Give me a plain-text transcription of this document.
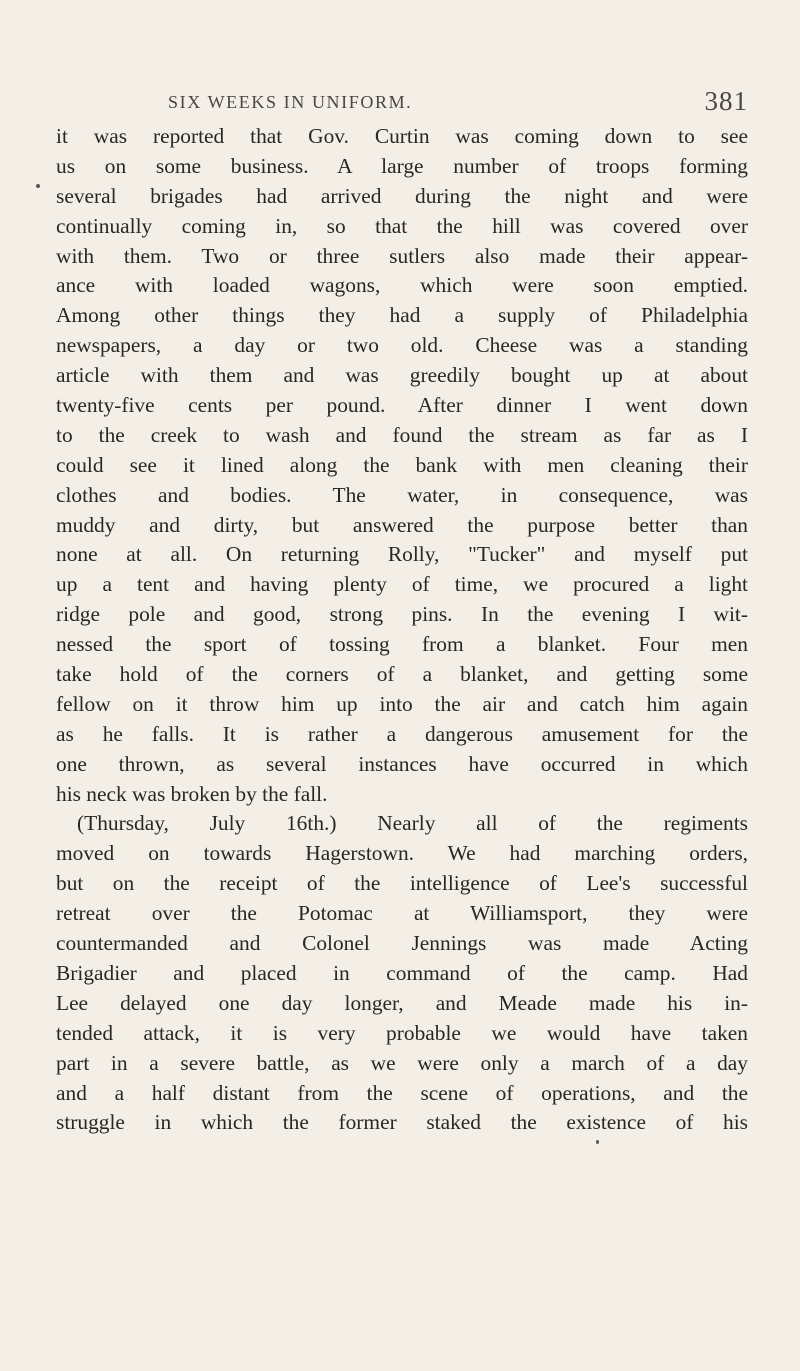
SIX WEEKS IN UNIFORM.	381
it was reported that Gov. Curtin was coming down to see
us on some business. A large number of troops forming
several brigades had arrived during the night and were
continually coming in, so that the hill was covered over
with them. Two or three sutlers also made their appear-
ance with loaded wagons, which were soon emptied.
Among other things they had a supply of Philadelphia
newspapers, a day or two old. Cheese was a standing
article with them and was greedily bought up at about
twenty-five cents per pound. After dinner I went down
to the creek to wash and found the stream as far as I
could see it lined along the bank with men cleaning their
clothes and bodies. The water, in consequence, was
muddy and dirty, but answered the purpose better than
none at all. On returning Rolly, "Tucker" and myself put
up a tent and having plenty of time, we procured a light
ridge pole and good, strong pins. In the evening I wit-
nessed the sport of tossing from a blanket. Four men
take hold of the corners of a blanket, and getting some
fellow on it throw him up into the air and catch him again
as he falls. It is rather a dangerous amusement for the
one thrown, as several instances have occurred in which
his neck was broken by the fall.
(Thursday, July 16th.) Nearly all of the regiments
moved on towards Hagerstown. We had marching orders,
but on the receipt of the intelligence of Lee's successful
retreat over the Potomac at Williamsport, they were
countermanded and Colonel Jennings was made Acting
Brigadier and placed in command of the camp. Had
Lee delayed one day longer, and Meade made his in-
tended attack, it is very probable we would have taken
part in a severe battle, as we were only a march of a day
and a half distant from the scene of operations, and the
struggle in which the former staked the existence of his
